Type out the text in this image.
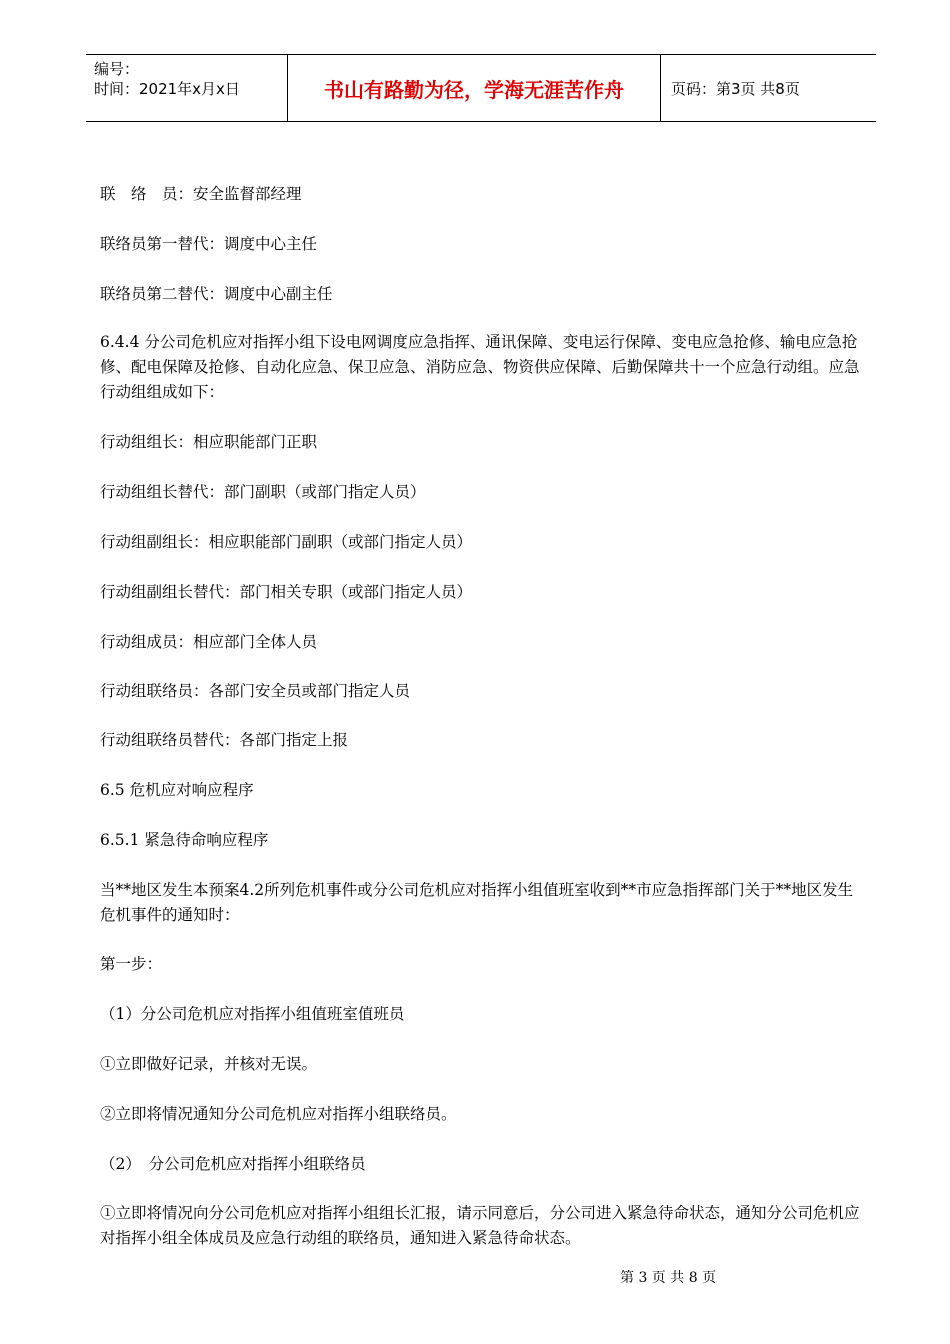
编号：
时间：2021年x月x日	书山有路勤为径，学海无涯苦作舟	页码：第3页 共8页

联　络　员：安全监督部经理

联络员第一替代：调度中心主任

联络员第二替代：调度中心副主任

6.4.4 分公司危机应对指挥小组下设电网调度应急指挥、通讯保障、变电运行保障、变电应急抢修、输电应急抢修、配电保障及抢修、自动化应急、保卫应急、消防应急、物资供应保障、后勤保障共十一个应急行动组。应急行动组组成如下：

行动组组长：相应职能部门正职

行动组组长替代：部门副职（或部门指定人员）

行动组副组长：相应职能部门副职（或部门指定人员）

行动组副组长替代：部门相关专职（或部门指定人员）

行动组成员：相应部门全体人员

行动组联络员：各部门安全员或部门指定人员

行动组联络员替代：各部门指定上报

6.5 危机应对响应程序

6.5.1 紧急待命响应程序

当**地区发生本预案4.2所列危机事件或分公司危机应对指挥小组值班室收到**市应急指挥部门关于**地区发生危机事件的通知时：

第一步：

（1）分公司危机应对指挥小组值班室值班员

①立即做好记录，并核对无误。

②立即将情况通知分公司危机应对指挥小组联络员。

（2）　分公司危机应对指挥小组联络员

①立即将情况向分公司危机应对指挥小组组长汇报，请示同意后，分公司进入紧急待命状态，通知分公司危机应对指挥小组全体成员及应急行动组的联络员，通知进入紧急待命状态。

第 3 页 共 8 页
